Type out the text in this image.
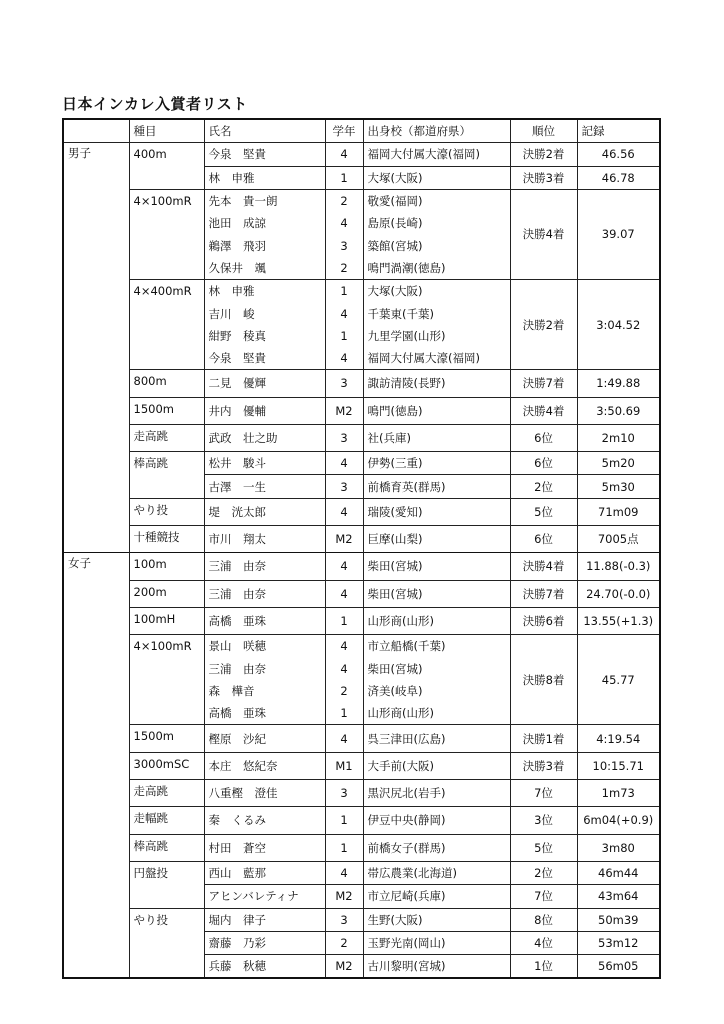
日本インカレ入賞者リスト
	種目	氏名	学年	出身校（都道府県）	順位	記録
男子	400m	今泉　堅貴	4	福岡大付属大濠(福岡)	決勝2着	46.56
		林　申雅	1	大塚(大阪)	決勝3着	46.78
	4×100mR	先本　貴一朗	2	敬愛(福岡)	決勝4着	39.07
		池田　成諒	4	島原(長崎)		
		鵜澤　飛羽	3	築館(宮城)		
		久保井　颯	2	鳴門渦潮(徳島)		
	4×400mR	林　申雅	1	大塚(大阪)	決勝2着	3:04.52
		吉川　峻	4	千葉東(千葉)		
		紺野　稜真	1	九里学園(山形)		
		今泉　堅貴	4	福岡大付属大濠(福岡)		
	800m	二見　優輝	3	諏訪清陵(長野)	決勝7着	1:49.88
	1500m	井内　優輔	M2	鳴門(徳島)	決勝4着	3:50.69
	走高跳	武政　壮之助	3	社(兵庫)	6位	2m10
	棒高跳	松井　駿斗	4	伊勢(三重)	6位	5m20
		古澤　一生	3	前橋育英(群馬)	2位	5m30
	やり投	堤　洸太郎	4	瑞陵(愛知)	5位	71m09
	十種競技	市川　翔太	M2	巨摩(山梨)	6位	7005点
女子	100m	三浦　由奈	4	柴田(宮城)	決勝4着	11.88(-0.3)
	200m	三浦　由奈	4	柴田(宮城)	決勝7着	24.70(-0.0)
	100mH	高橋　亜珠	1	山形商(山形)	決勝6着	13.55(+1.3)
	4×100mR	景山　咲穂	4	市立船橋(千葉)	決勝8着	45.77
		三浦　由奈	4	柴田(宮城)		
		森　樺音	2	済美(岐阜)		
		高橋　亜珠	1	山形商(山形)		
	1500m	樫原　沙紀	4	呉三津田(広島)	決勝1着	4:19.54
	3000mSC	本庄　悠紀奈	M1	大手前(大阪)	決勝3着	10:15.71
	走高跳	八重樫　澄佳	3	黒沢尻北(岩手)	7位	1m73
	走幅跳	秦　くるみ	1	伊豆中央(静岡)	3位	6m04(+0.9)
	棒高跳	村田　蒼空	1	前橋女子(群馬)	5位	3m80
	円盤投	西山　藍那	4	帯広農業(北海道)	2位	46m44
		アヒンバレティナ	M2	市立尼崎(兵庫)	7位	43m64
	やり投	堀内　律子	3	生野(大阪)	8位	50m39
		齋藤　乃彩	2	玉野光南(岡山)	4位	53m12
		兵藤　秋穂	M2	古川黎明(宮城)	1位	56m05
